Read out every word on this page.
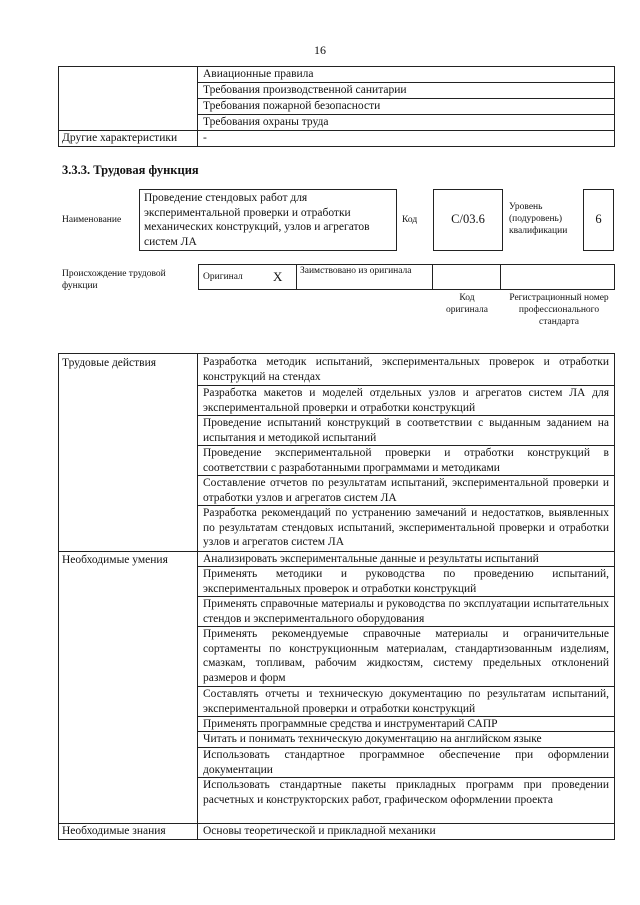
16
Авиационные правила
Требования производственной санитарии
Требования пожарной безопасности
Требования охраны труда
Другие характеристики -
3.3.3. Трудовая функция
Наименование
Проведение стендовых работ для экспериментальной проверки и отработки механических конструкций, узлов и агрегатов систем ЛА
Код	C/03.6
Уровень (подуровень) квалификации
6
Происхождение трудовой функции
Оригинал X Заимствовано из оригинала
Код оригинала
Регистрационный номер профессионального стандарта
Трудовые действия
Необходимые умения
Необходимые знания
Разработка методик испытаний, экспериментальных проверок и отработки конструкций на стендах
Разработка макетов и моделей отдельных узлов и агрегатов систем ЛА для экспериментальной проверки и отработки конструкций
Проведение испытаний конструкций в соответствии с выданным заданием на испытания и методикой испытаний
Проведение экспериментальной проверки и отработки конструкций в соответствии с разработанными программами и методиками
Составление отчетов по результатам испытаний, экспериментальной проверки и отработки узлов и агрегатов систем ЛА
Разработка рекомендаций по устранению замечаний и недостатков, выявленных по результатам стендовых испытаний, экспериментальной проверки и отработки узлов и агрегатов систем ЛА
Анализировать экспериментальные данные и результаты испытаний
Применять методики и руководства по проведению испытаний, экспериментальных проверок и отработки конструкций
Применять справочные материалы и руководства по эксплуатации испытательных стендов и экспериментального оборудования
Применять рекомендуемые справочные материалы и ограничительные сортаменты по конструкционным материалам, стандартизованным изделиям, смазкам, топливам, рабочим жидкостям, систему предельных отклонений размеров и форм
Составлять отчеты и техническую документацию по результатам испытаний, экспериментальной проверки и отработки конструкций
Применять программные средства и инструментарий САПР
Читать и понимать техническую документацию на английском языке
Использовать стандартное программное обеспечение при оформлении документации
Использовать стандартные пакеты прикладных программ при проведении расчетных и конструкторских работ, графическом оформлении проекта
Основы теоретической и прикладной механики
